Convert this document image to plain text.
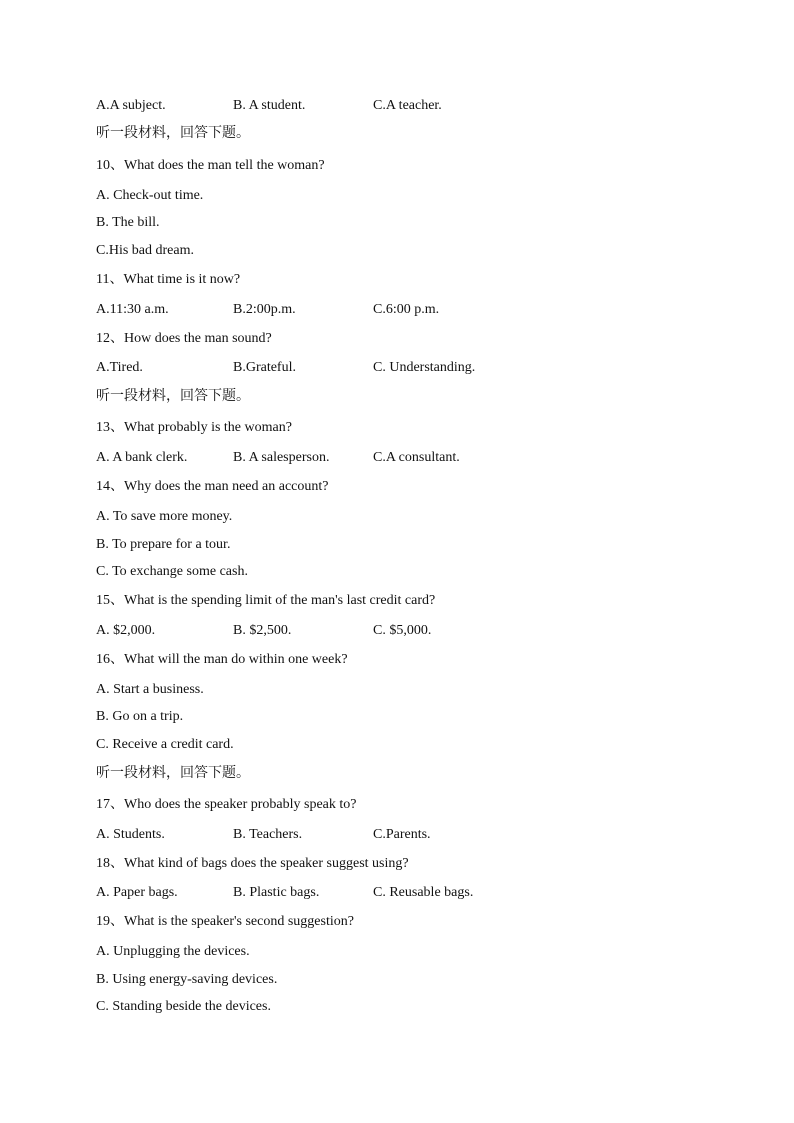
A.A subject.	B. A student.	C.A teacher.
听一段材料，回答下题。
10、What does the man tell the woman?
A. Check-out time.
B. The bill.
C.His bad dream.
11、What time is it now?
A.11:30 a.m.	B.2:00p.m.	C.6:00 p.m.
12、How does the man sound?
A.Tired.	B.Grateful.	C. Understanding.
听一段材料，回答下题。
13、What probably is the woman?
A. A bank clerk.	B. A salesperson.	C.A consultant.
14、Why does the man need an account?
A. To save more money.
B. To prepare for a tour.
C. To exchange some cash.
15、What is the spending limit of the man's last credit card?
A. $2,000.	B. $2,500.	C. $5,000.
16、What will the man do within one week?
A. Start a business.
B. Go on a trip.
C. Receive a credit card.
听一段材料，回答下题。
17、Who does the speaker probably speak to?
A. Students.	B. Teachers.	C.Parents.
18、What kind of bags does the speaker suggest using?
A. Paper bags.	B. Plastic bags.	C. Reusable bags.
19、What is the speaker's second suggestion?
A. Unplugging the devices.
B. Using energy-saving devices.
C. Standing beside the devices.
